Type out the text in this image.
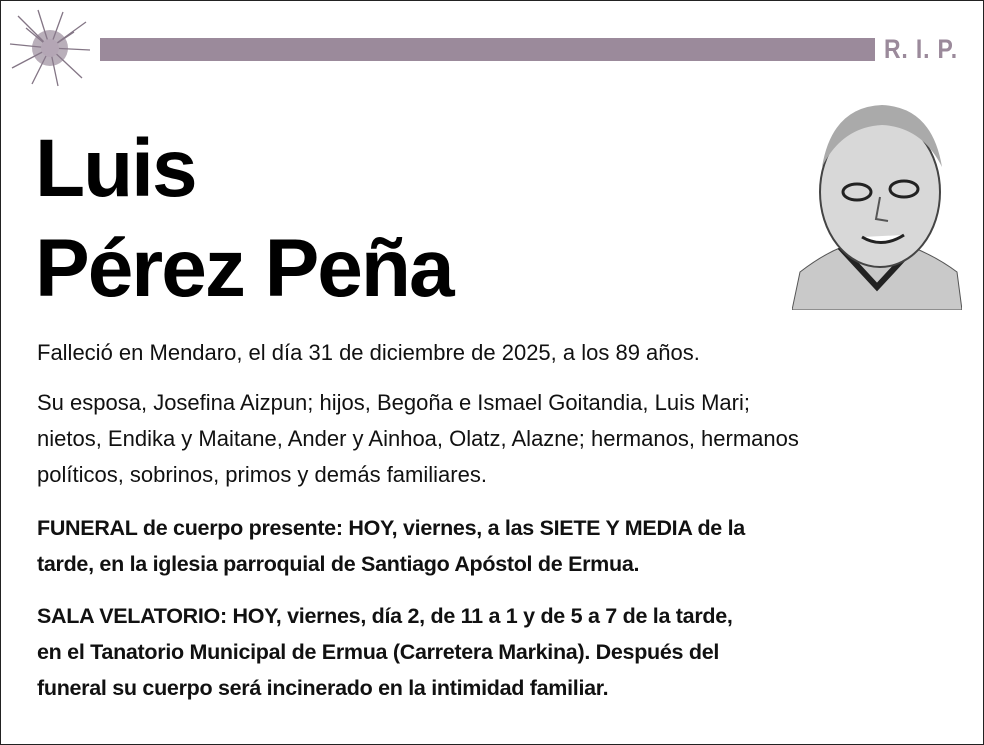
R. I. P.
Luis
Pérez Peña
Falleció en Mendaro, el día 31 de diciembre de 2025, a los 89 años.
Su esposa, Josefina Aizpun; hijos, Begoña e Ismael Goitandia, Luis Mari;
nietos, Endika y Maitane, Ander y Ainhoa, Olatz, Alazne; hermanos, hermanos
políticos, sobrinos, primos y demás familiares.
FUNERAL de cuerpo presente: HOY, viernes, a las SIETE Y MEDIA de la
tarde, en la iglesia parroquial de Santiago Apóstol de Ermua.
SALA VELATORIO: HOY, viernes, día 2, de 11 a 1 y de 5 a 7 de la tarde,
en el Tanatorio Municipal de Ermua (Carretera Markina). Después del
funeral su cuerpo será incinerado en la intimidad familiar.
